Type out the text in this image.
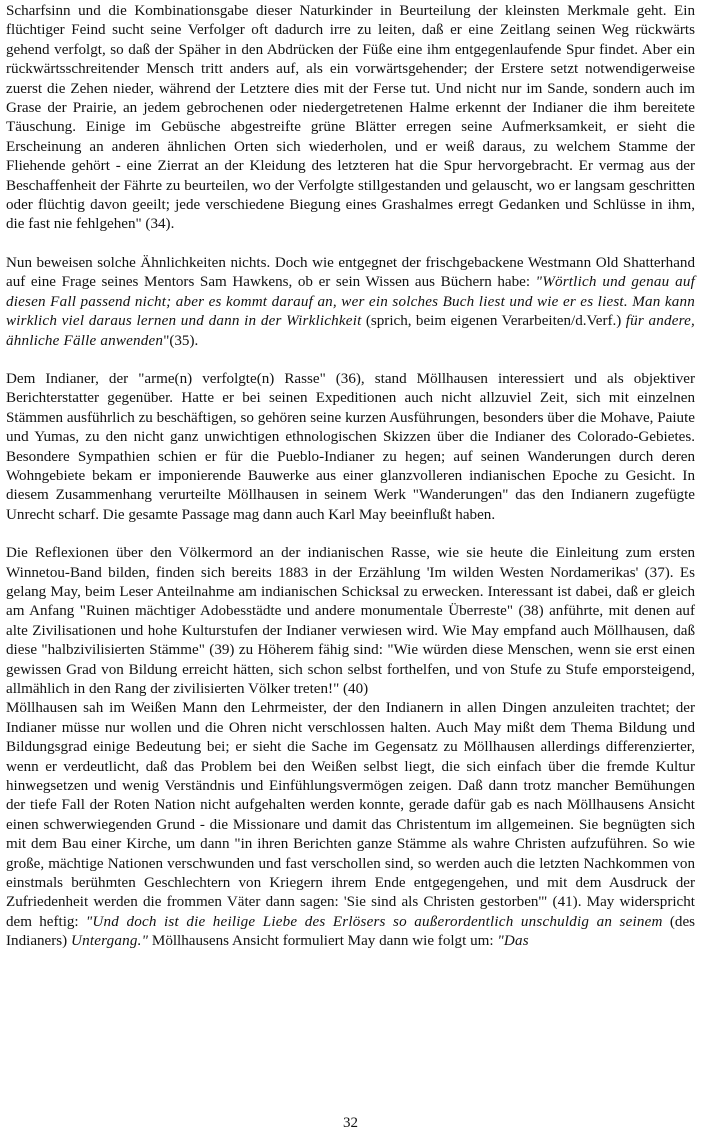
Scharfsinn und die Kombinationsgabe dieser Naturkinder in Beurteilung der kleinsten Merkmale geht. Ein flüchtiger Feind sucht seine Verfolger oft dadurch irre zu leiten, daß er eine Zeitlang seinen Weg rückwärts gehend verfolgt, so daß der Späher in den Abdrücken der Füße eine ihm entgegenlaufende Spur findet. Aber ein rückwärtsschreitender Mensch tritt anders auf, als ein vorwärtsgehender; der Erstere setzt notwendigerweise zuerst die Zehen nieder, während der Letztere dies mit der Ferse tut. Und nicht nur im Sande, sondern auch im Grase der Prairie, an jedem gebrochenen oder niedergetretenen Halme erkennt der Indianer die ihm bereitete Täuschung. Einige im Gebüsche abgestreifte grüne Blätter erregen seine Aufmerksamkeit, er sieht die Erscheinung an anderen ähnlichen Orten sich wiederholen, und er weiß daraus, zu welchem Stamme der Fliehende gehört - eine Zierrat an der Kleidung des letzteren hat die Spur hervorgebracht. Er vermag aus der Beschaffenheit der Fährte zu beurteilen, wo der Verfolgte stillgestanden und gelauscht, wo er langsam geschritten oder flüchtig davon geeilt; jede verschiedene Biegung eines Grashalmes erregt Gedanken und Schlüsse in ihm, die fast nie fehlgehen" (34).

Nun beweisen solche Ähnlichkeiten nichts. Doch wie entgegnet der frischgebackene Westmann Old Shatterhand auf eine Frage seines Mentors Sam Hawkens, ob er sein Wissen aus Büchern habe: "Wörtlich und genau auf diesen Fall passend nicht; aber es kommt darauf an, wer ein solches Buch liest und wie er es liest. Man kann wirklich viel daraus lernen und dann in der Wirklichkeit (sprich, beim eigenen Verarbeiten/d.Verf.) für andere, ähnliche Fälle anwenden"(35).

Dem Indianer, der "arme(n) verfolgte(n) Rasse" (36), stand Möllhausen interessiert und als objektiver Berichterstatter gegenüber. Hatte er bei seinen Expeditionen auch nicht allzuviel Zeit, sich mit einzelnen Stämmen ausführlich zu beschäftigen, so gehören seine kurzen Ausführungen, besonders über die Mohave, Paiute und Yumas, zu den nicht ganz unwichtigen ethnologischen Skizzen über die Indianer des Colorado-Gebietes. Besondere Sympathien schien er für die Pueblo-Indianer zu hegen; auf seinen Wanderungen durch deren Wohngebiete bekam er imponierende Bauwerke aus einer glanzvolleren indianischen Epoche zu Gesicht. In diesem Zusammenhang verurteilte Möllhausen in seinem Werk "Wanderungen" das den Indianern zugefügte Unrecht scharf. Die gesamte Passage mag dann auch Karl May beeinflußt haben.

Die Reflexionen über den Völkermord an der indianischen Rasse, wie sie heute die Einleitung zum ersten Winnetou-Band bilden, finden sich bereits 1883 in der Erzählung 'Im wilden Westen Nordamerikas' (37). Es gelang May, beim Leser Anteilnahme am indianischen Schicksal zu erwecken. Interessant ist dabei, daß er gleich am Anfang "Ruinen mächtiger Adobesstädte und andere monumentale Überreste" (38) anführte, mit denen auf alte Zivilisationen und hohe Kulturstufen der Indianer verwiesen wird. Wie May empfand auch Möllhausen, daß diese "halbzivilisierten Stämme" (39) zu Höherem fähig sind: "Wie würden diese Menschen, wenn sie erst einen gewissen Grad von Bildung erreicht hätten, sich schon selbst forthelfen, und von Stufe zu Stufe emporsteigend, allmählich in den Rang der zivilisierten Völker treten!" (40)

Möllhausen sah im Weißen Mann den Lehrmeister, der den Indianern in allen Dingen anzuleiten trachtet; der Indianer müsse nur wollen und die Ohren nicht verschlossen halten. Auch May mißt dem Thema Bildung und Bildungsgrad einige Bedeutung bei; er sieht die Sache im Gegensatz zu Möllhausen allerdings differenzierter, wenn er verdeutlicht, daß das Problem bei den Weißen selbst liegt, die sich einfach über die fremde Kultur hinwegsetzen und wenig Verständnis und Einfühlungsvermögen zeigen. Daß dann trotz mancher Bemühungen der tiefe Fall der Roten Nation nicht aufgehalten werden konnte, gerade dafür gab es nach Möllhausens Ansicht einen schwerwiegenden Grund - die Missionare und damit das Christentum im allgemeinen. Sie begnügten sich mit dem Bau einer Kirche, um dann "in ihren Berichten ganze Stämme als wahre Christen aufzuführen. So wie große, mächtige Nationen verschwunden und fast verschollen sind, so werden auch die letzten Nachkommen von einstmals berühmten Geschlechtern von Kriegern ihrem Ende entgegengehen, und mit dem Ausdruck der Zufriedenheit werden die frommen Väter dann sagen: 'Sie sind als Christen gestorben'" (41). May widerspricht dem heftig: "Und doch ist die heilige Liebe des Erlösers so außerordentlich unschuldig an seinem (des Indianers) Untergang." Möllhausens Ansicht formuliert May dann wie folgt um: "Das

32
